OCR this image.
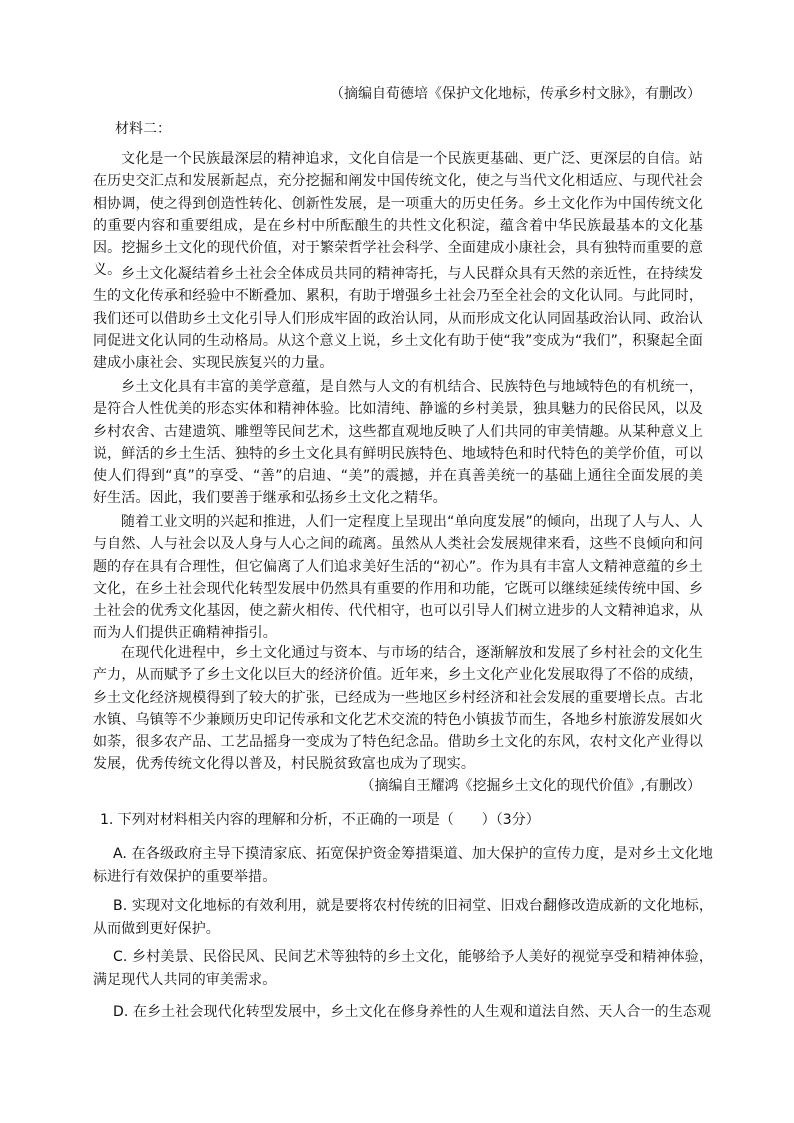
（摘编自荀德培《保护文化地标，传承乡村文脉》，有删改）
材料二：
文化是一个民族最深层的精神追求，文化自信是一个民族更基础、更广泛、更深层的自信。站在历史交汇点和发展新起点，充分挖掘和阐发中国传统文化，使之与当代文化相适应、与现代社会相协调，使之得到创造性转化、创新性发展，是一项重大的历史任务。乡土文化作为中国传统文化的重要内容和重要组成，是在乡村中所酝酿生的共性文化积淀，蕴含着中华民族最基本的文化基因。挖掘乡土文化的现代价值，对于繁荣哲学社会科学、全面建成小康社会，具有独特而重要的意义。 乡土文化凝结着乡土社会全体成员共同的精神寄托，与人民群众具有天然的亲近性，在持续发生的文化传承和经验中不断叠加、累积，有助于增强乡土社会乃至全社会的文化认同。与此同时，我们还可以借助乡土文化引导人们形成牢固的政治认同，从而形成文化认同固基政治认同、政治认同促进文化认同的生动格局。从这个意义上说，乡土文化有助于使“我”变成为“我们”，积聚起全面建成小康社会、实现民族复兴的力量。
乡土文化具有丰富的美学意蕴，是自然与人文的有机结合、民族特色与地域特色的有机统一，是符合人性优美的形态实体和精神体验。比如清纯、静谧的乡村美景，独具魅力的民俗民风，以及乡村农舍、古建遗筑、雕塑等民间艺术，这些都直观地反映了人们共同的审美情趣。从某种意义上说，鲜活的乡土生活、独特的乡土文化具有鲜明民族特色、地域特色和时代特色的美学价值，可以使人们得到“真”的享受、“善”的启迪、“美”的震撼，并在真善美统一的基础上通往全面发展的美好生活。因此，我们要善于继承和弘扬乡土文化之精华。
随着工业文明的兴起和推进，人们一定程度上呈现出“单向度发展”的倾向，出现了人与人、人与自然、人与社会以及人身与人心之间的疏离。虽然从人类社会发展规律来看，这些不良倾向和问题的存在具有合理性，但它偏离了人们追求美好生活的“初心”。作为具有丰富人文精神意蕴的乡土文化，在乡土社会现代化转型发展中仍然具有重要的作用和功能，它既可以继续延续传统中国、乡土社会的优秀文化基因，使之薪火相传、代代相守，也可以引导人们树立进步的人文精神追求，从而为人们提供正确精神指引。
在现代化进程中，乡土文化通过与资本、与市场的结合，逐渐解放和发展了乡村社会的文化生产力，从而赋予了乡土文化以巨大的经济价值。近年来，乡土文化产业化发展取得了不俗的成绩，乡土文化经济规模得到了较大的扩张，已经成为一些地区乡村经济和社会发展的重要增长点。古北水镇、乌镇等不少兼顾历史印记传承和文化艺术交流的特色小镇拔节而生，各地乡村旅游发展如火如荼，很多农产品、工艺品摇身一变成为了特色纪念品。借助乡土文化的东风，农村文化产业得以发展，优秀传统文化得以普及，村民脱贫致富也成为了现实。
（摘编自王耀鸿《挖掘乡土文化的现代价值》,有删改）
1. 下列对材料相关内容的理解和分析，不正确的一项是（　　）（3分）
A. 在各级政府主导下摸清家底、拓宽保护资金筹措渠道、加大保护的宣传力度，是对乡土文化地标进行有效保护的重要举措。
B. 实现对文化地标的有效利用，就是要将农村传统的旧祠堂、旧戏台翻修改造成新的文化地标，从而做到更好保护。
C. 乡村美景、民俗民风、民间艺术等独特的乡土文化，能够给予人美好的视觉享受和精神体验，满足现代人共同的审美需求。
D. 在乡土社会现代化转型发展中，乡土文化在修身养性的人生观和道法自然、天人合一的生态观
